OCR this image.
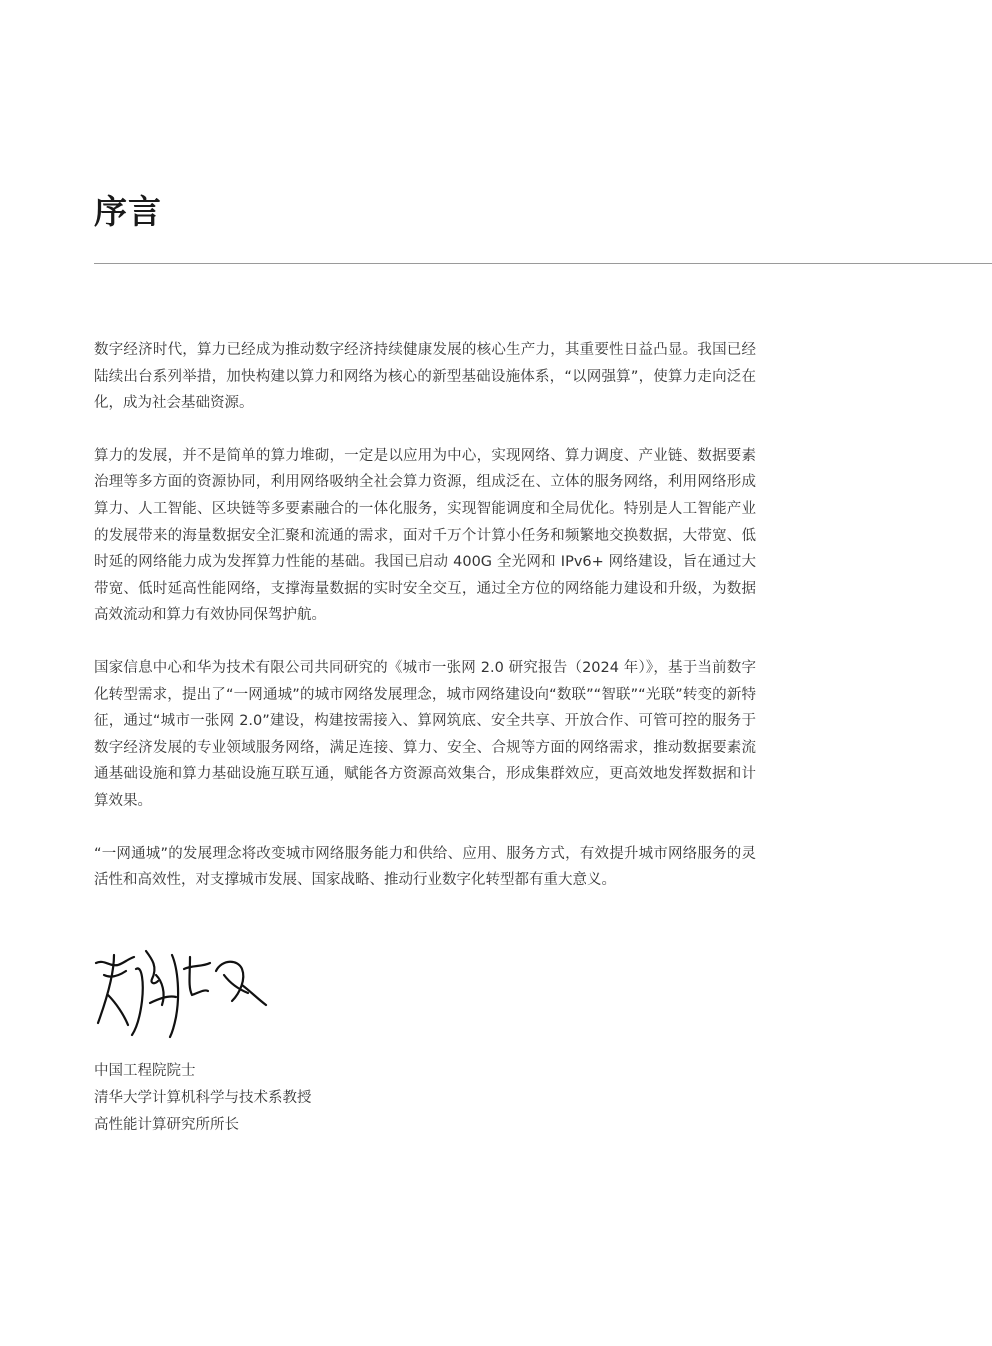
序言

数字经济时代，算力已经成为推动数字经济持续健康发展的核心生产力，其重要性日益凸显。我国已经陆续出台系列举措，加快构建以算力和网络为核心的新型基础设施体系，“以网强算”，使算力走向泛在化，成为社会基础资源。

算力的发展，并不是简单的算力堆砌，一定是以应用为中心，实现网络、算力调度、产业链、数据要素治理等多方面的资源协同，利用网络吸纳全社会算力资源，组成泛在、立体的服务网络，利用网络形成算力、人工智能、区块链等多要素融合的一体化服务，实现智能调度和全局优化。特别是人工智能产业的发展带来的海量数据安全汇聚和流通的需求，面对千万个计算小任务和频繁地交换数据，大带宽、低时延的网络能力成为发挥算力性能的基础。我国已启动 400G 全光网和 IPv6+ 网络建设，旨在通过大带宽、低时延高性能网络，支撑海量数据的实时安全交互，通过全方位的网络能力建设和升级，为数据高效流动和算力有效协同保驾护航。

国家信息中心和华为技术有限公司共同研究的《城市一张网 2.0 研究报告（2024 年）》，基于当前数字化转型需求，提出了“一网通城”的城市网络发展理念，城市网络建设向“数联”“智联”“光联”转变的新特征，通过“城市一张网 2.0”建设，构建按需接入、算网筑底、安全共享、开放合作、可管可控的服务于数字经济发展的专业领域服务网络，满足连接、算力、安全、合规等方面的网络需求，推动数据要素流通基础设施和算力基础设施互联互通，赋能各方资源高效集合，形成集群效应，更高效地发挥数据和计算效果。

“一网通城”的发展理念将改变城市网络服务能力和供给、应用、服务方式，有效提升城市网络服务的灵活性和高效性，对支撑城市发展、国家战略、推动行业数字化转型都有重大意义。

中国工程院院士
清华大学计算机科学与技术系教授
高性能计算研究所所长
